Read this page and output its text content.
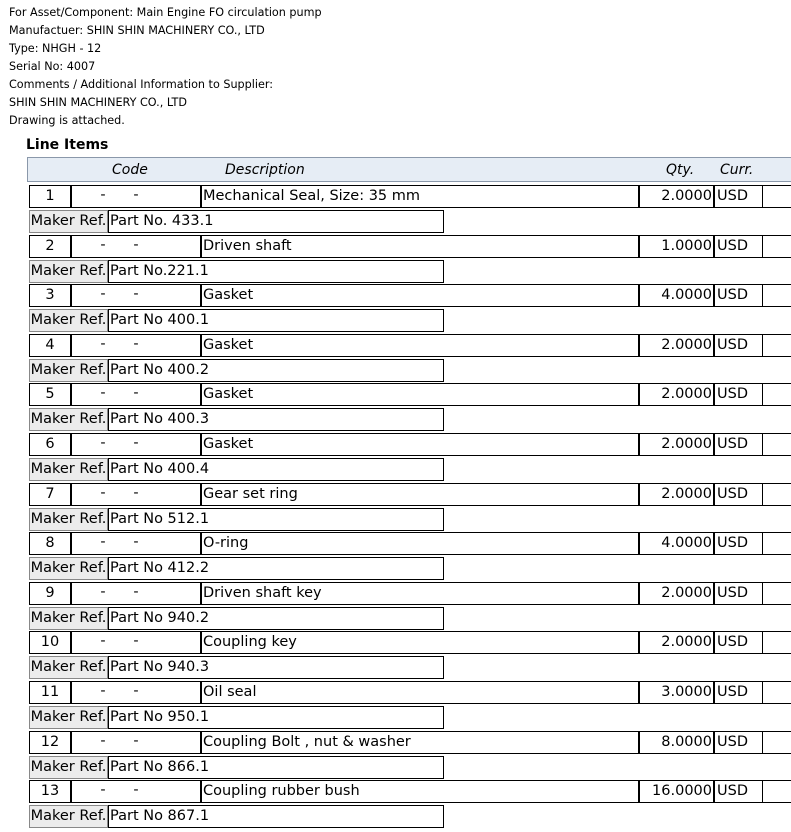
For Asset/Component: Main Engine FO circulation pump
Manufactuer: SHIN SHIN MACHINERY CO., LTD
Type: NHGH - 12
Serial No: 4007
Comments / Additional Information to Supplier:
SHIN SHIN MACHINERY CO., LTD
Drawing is attached.
Line Items
Code	Description	Qty. Curr.
1	-	-	Mechanical Seal, Size: 35 mm	2.0000 USD
Maker Ref. Part No. 433.1
2	-	-	Driven shaft	1.0000 USD
Maker Ref. Part No.221.1
3	-	-	Gasket	4.0000 USD
Maker Ref. Part No 400.1
4	-	-	Gasket	2.0000 USD
Maker Ref. Part No 400.2
5	-	-	Gasket	2.0000 USD
Maker Ref. Part No 400.3
6	-	-	Gasket	2.0000 USD
Maker Ref. Part No 400.4
7	-	-	Gear set ring	2.0000 USD
Maker Ref. Part No 512.1
8	-	-	O-ring	4.0000 USD
Maker Ref. Part No 412.2
9	-	-	Driven shaft key	2.0000 USD
Maker Ref. Part No 940.2
10	-	-	Coupling key	2.0000 USD
Maker Ref. Part No 940.3
11	-	-	Oil seal	3.0000 USD
Maker Ref. Part No 950.1
12	-	-	Coupling Bolt , nut & washer	8.0000 USD
Maker Ref. Part No 866.1
13	-	-	Coupling rubber bush	16.0000 USD
Maker Ref. Part No 867.1
